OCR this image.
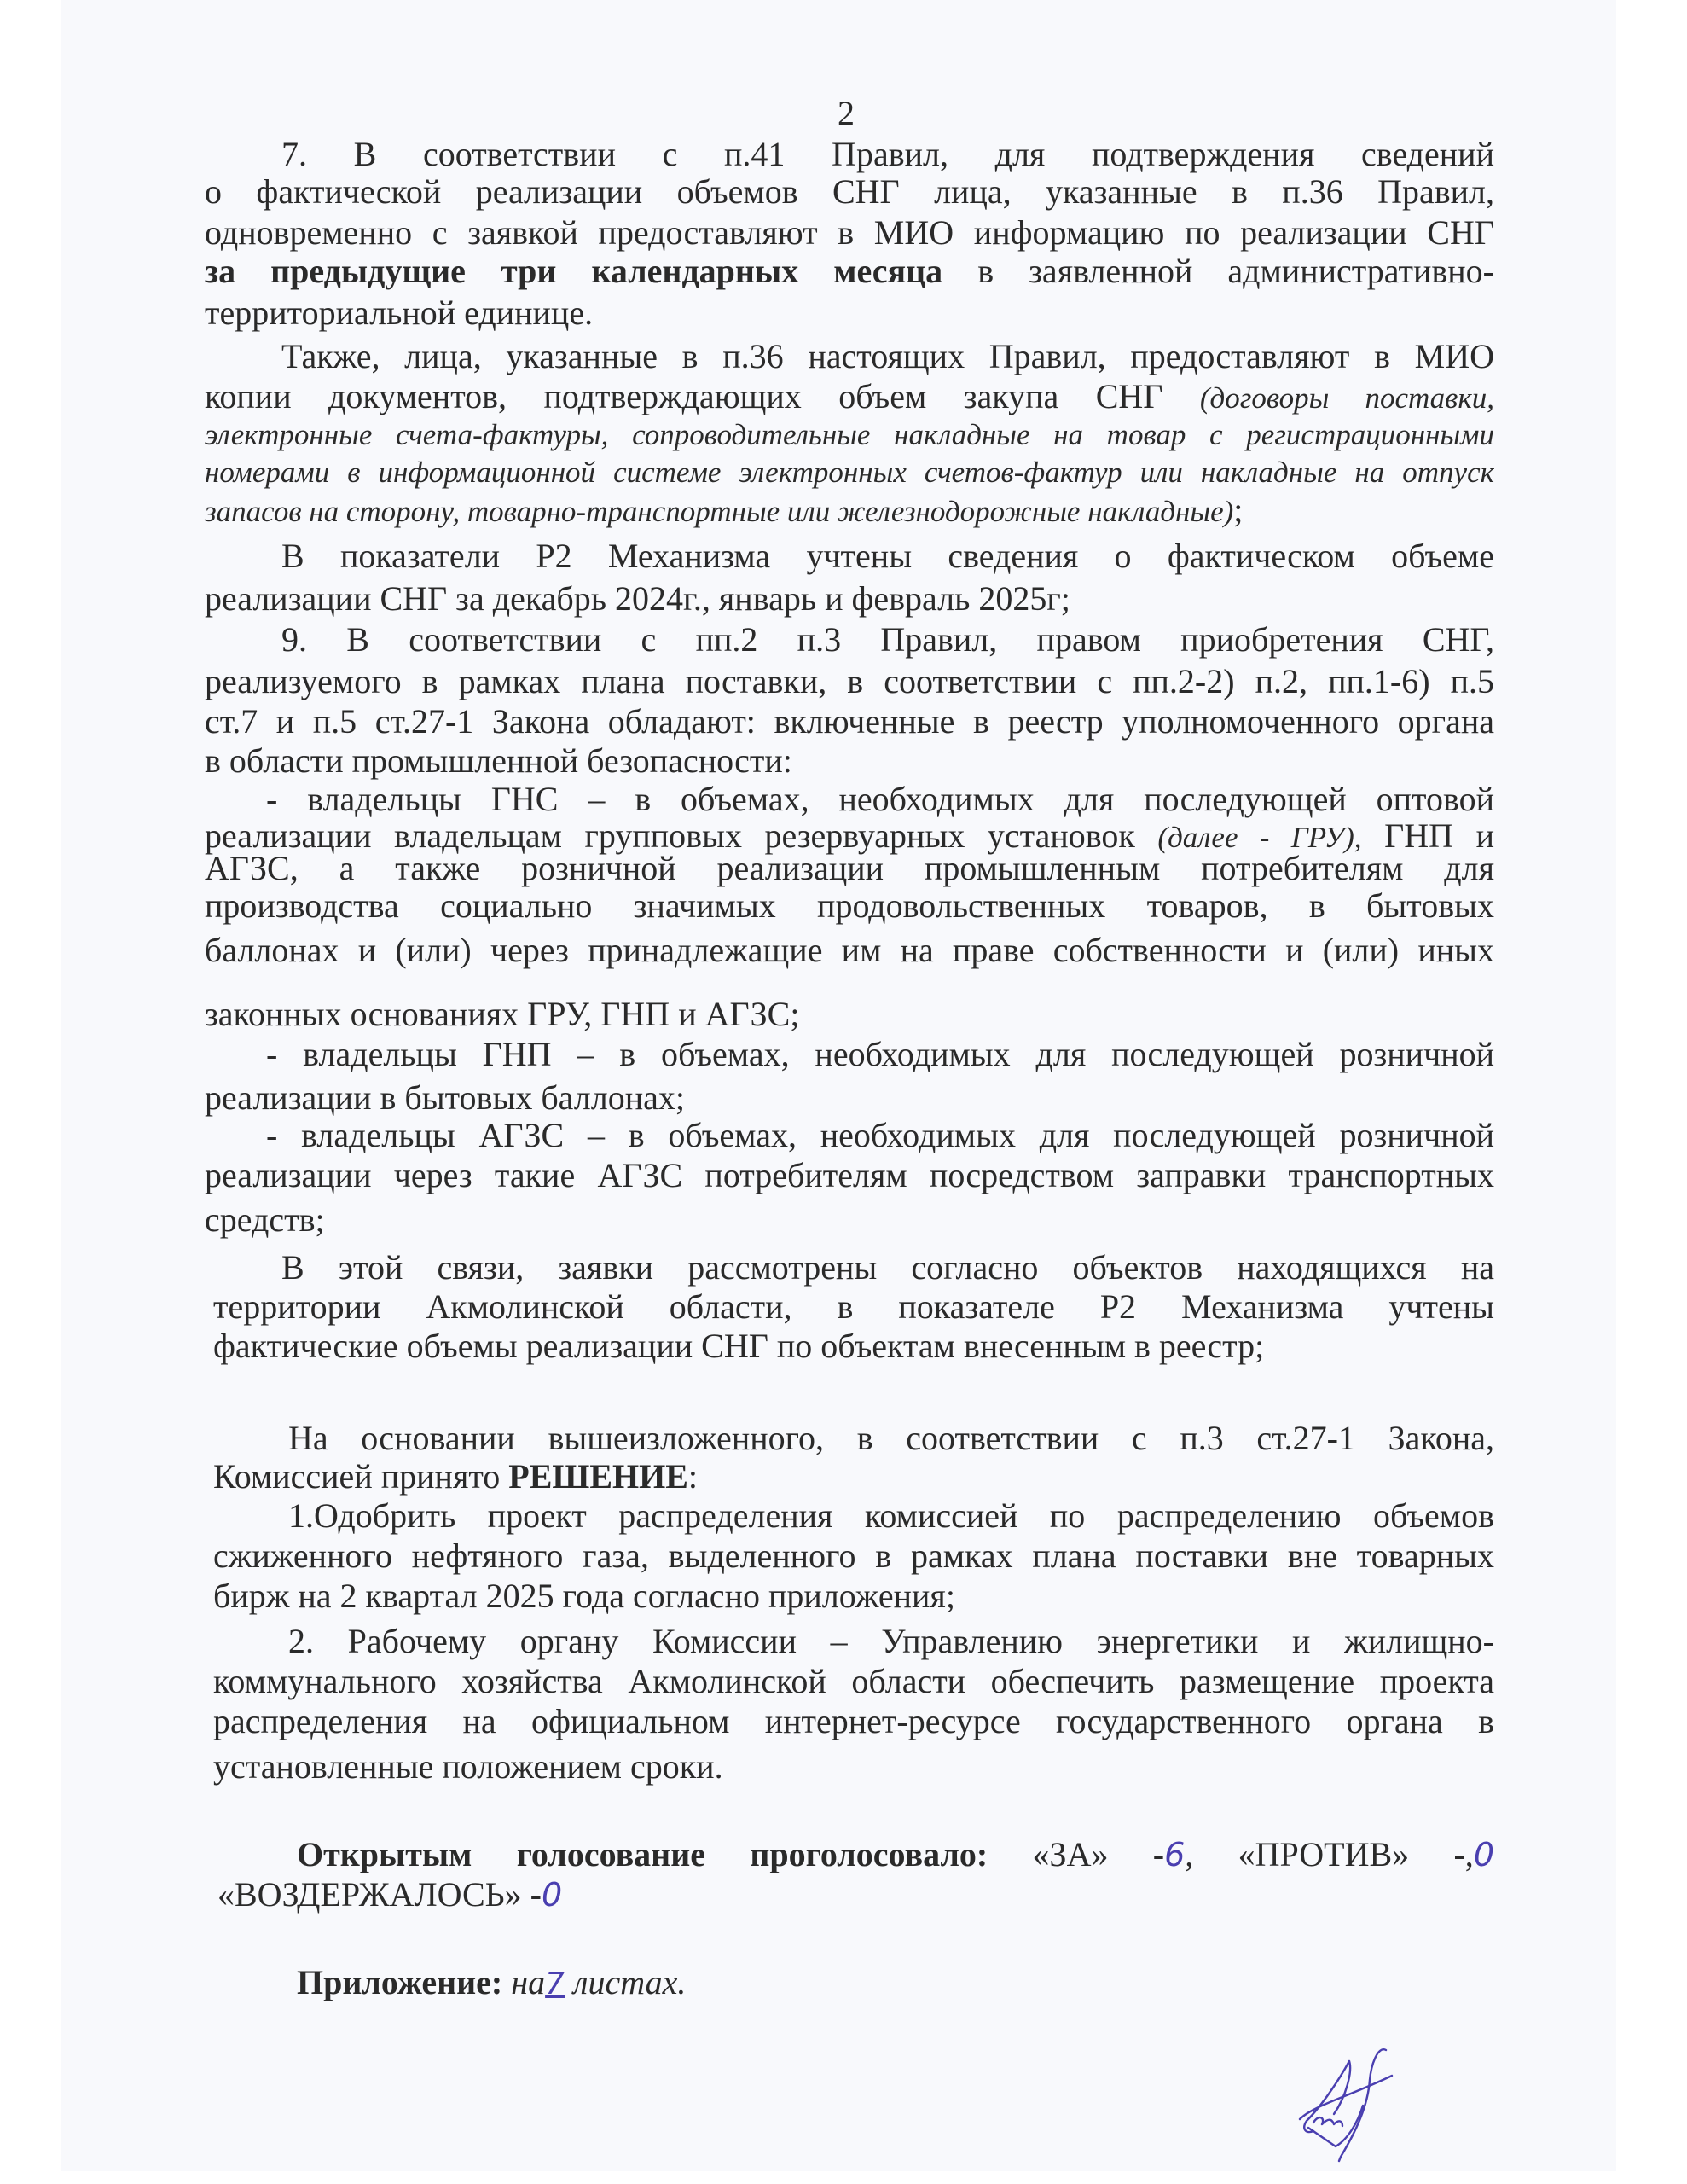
2
7. В соответствии с п.41 Правил, для подтверждения сведений
о фактической реализации объемов СНГ лица, указанные в п.36 Правил,
одновременно с заявкой предоставляют в МИО информацию по реализации СНГ
за предыдущие три календарных месяца в заявленной административно-
территориальной единице.
Также, лица, указанные в п.36 настоящих Правил, предоставляют в МИО
копии документов, подтверждающих объем закупа СНГ (договоры поставки,
электронные счета-фактуры, сопроводительные накладные на товар с регистрационными
номерами в информационной системе электронных счетов-фактур или накладные на отпуск
запасов на сторону, товарно-транспортные или железнодорожные накладные);
В показатели Р2 Механизма учтены сведения о фактическом объеме
реализации СНГ за декабрь 2024г., январь и февраль 2025г;
9. В соответствии с пп.2 п.3 Правил, правом приобретения СНГ,
реализуемого в рамках плана поставки, в соответствии с пп.2-2) п.2, пп.1-6) п.5
ст.7 и п.5 ст.27-1 Закона обладают: включенные в реестр уполномоченного органа
в области промышленной безопасности:
- владельцы ГНС – в объемах, необходимых для последующей оптовой
реализации владельцам групповых резервуарных установок (далее - ГРУ), ГНП и
АГЗС, а также розничной реализации промышленным потребителям для
производства социально значимых продовольственных товаров, в бытовых
баллонах и (или) через принадлежащие им на праве собственности и (или) иных
законных основаниях ГРУ, ГНП и АГЗС;
- владельцы ГНП – в объемах, необходимых для последующей розничной
реализации в бытовых баллонах;
- владельцы АГЗС – в объемах, необходимых для последующей розничной
реализации через такие АГЗС потребителям посредством заправки транспортных
средств;
В этой связи, заявки рассмотрены согласно объектов находящихся на
территории Акмолинской области, в показателе Р2 Механизма учтены
фактические объемы реализации СНГ по объектам внесенным в реестр;
На основании вышеизложенного, в соответствии с п.3 ст.27-1 Закона,
Комиссией принято РЕШЕНИЕ:
1.Одобрить проект распределения комиссией по распределению объемов
сжиженного нефтяного газа, выделенного в рамках плана поставки вне товарных
бирж на 2 квартал 2025 года согласно приложения;
2. Рабочему органу Комиссии – Управлению энергетики и жилищно-
коммунального хозяйства Акмолинской области обеспечить размещение проекта
распределения на официальном интернет-ресурсе государственного органа в
установленные положением сроки.
Открытым голосование проголосовало: «ЗА» -6, «ПРОТИВ» -,0
«ВОЗДЕРЖАЛОСЬ» -0
Приложение: на7 листах.
